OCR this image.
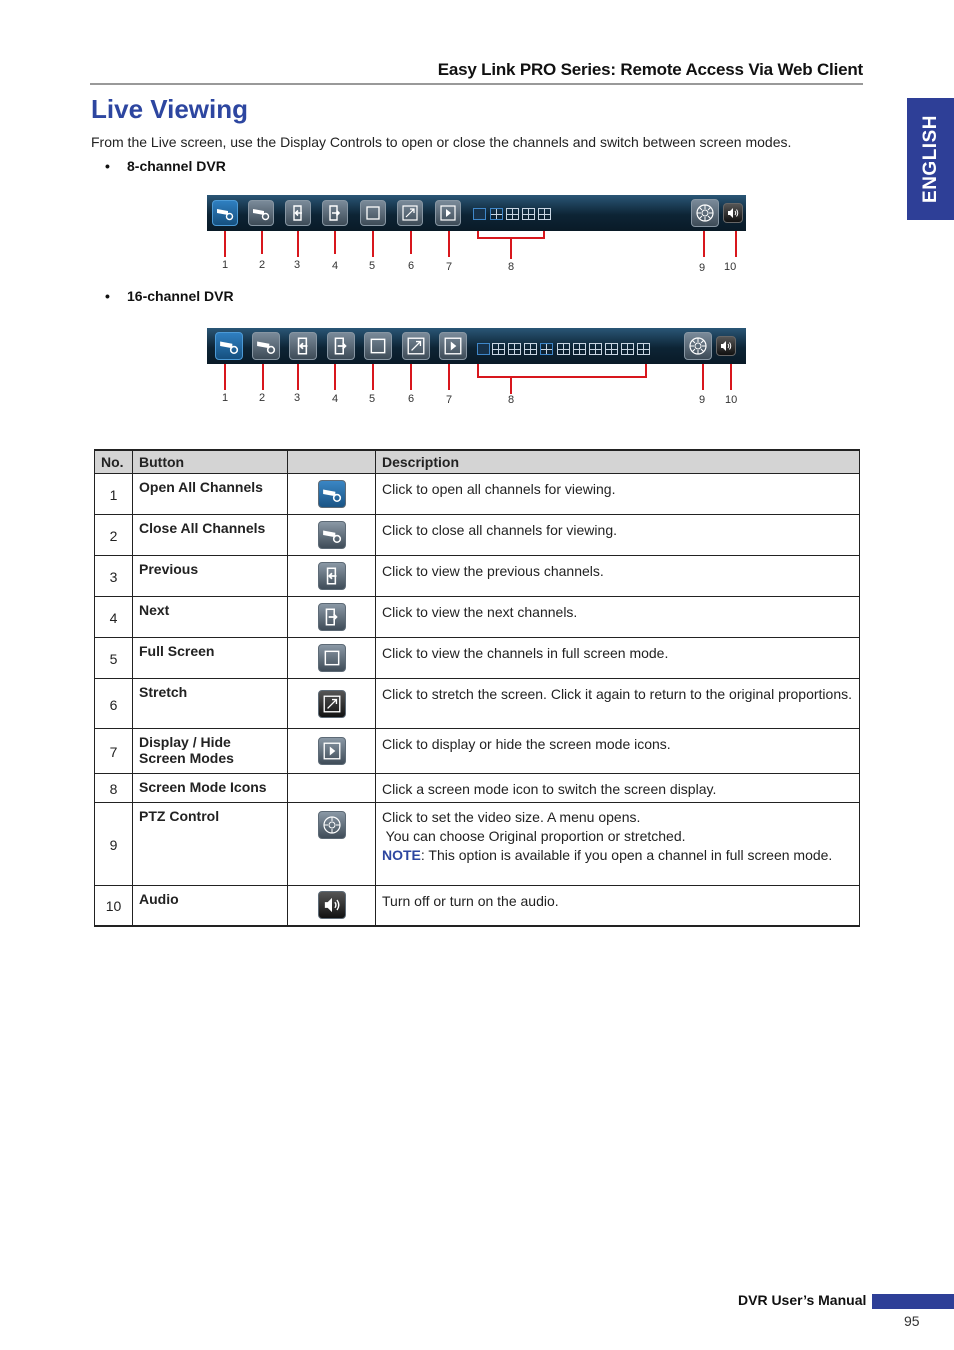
Easy Link PRO Series: Remote Access Via Web Client
ENGLISH
Live Viewing
From the Live screen, use the Display Controls to open or close the channels and switch between screen modes.
• 8-channel DVR
1	2	3	4	5	6	7	8	9 10
• 16-channel DVR
1	2	3	4	5	6	7	8	9 10
No.	Button		Description
1	Open All Channels		Click to open all channels for viewing.
2	Close All Channels		Click to close all channels for viewing.
3	Previous		Click to view the previous channels.
4	Next		Click to view the next channels.
5	Full Screen		Click to view the channels in full screen mode.
6	Stretch		Click to stretch the screen. Click it again to return to the original proportions.
7	Display / Hide Screen Modes		Click to display or hide the screen mode icons.
8	Screen Mode Icons		Click a screen mode icon to switch the screen display.
9	PTZ Control		Click to set the video size. A menu opens.
You can choose Original proportion or stretched.
NOTE: This option is available if you open a channel in full screen mode.

10	Audio		Turn off or turn on the audio.
DVR User’s Manual
95
